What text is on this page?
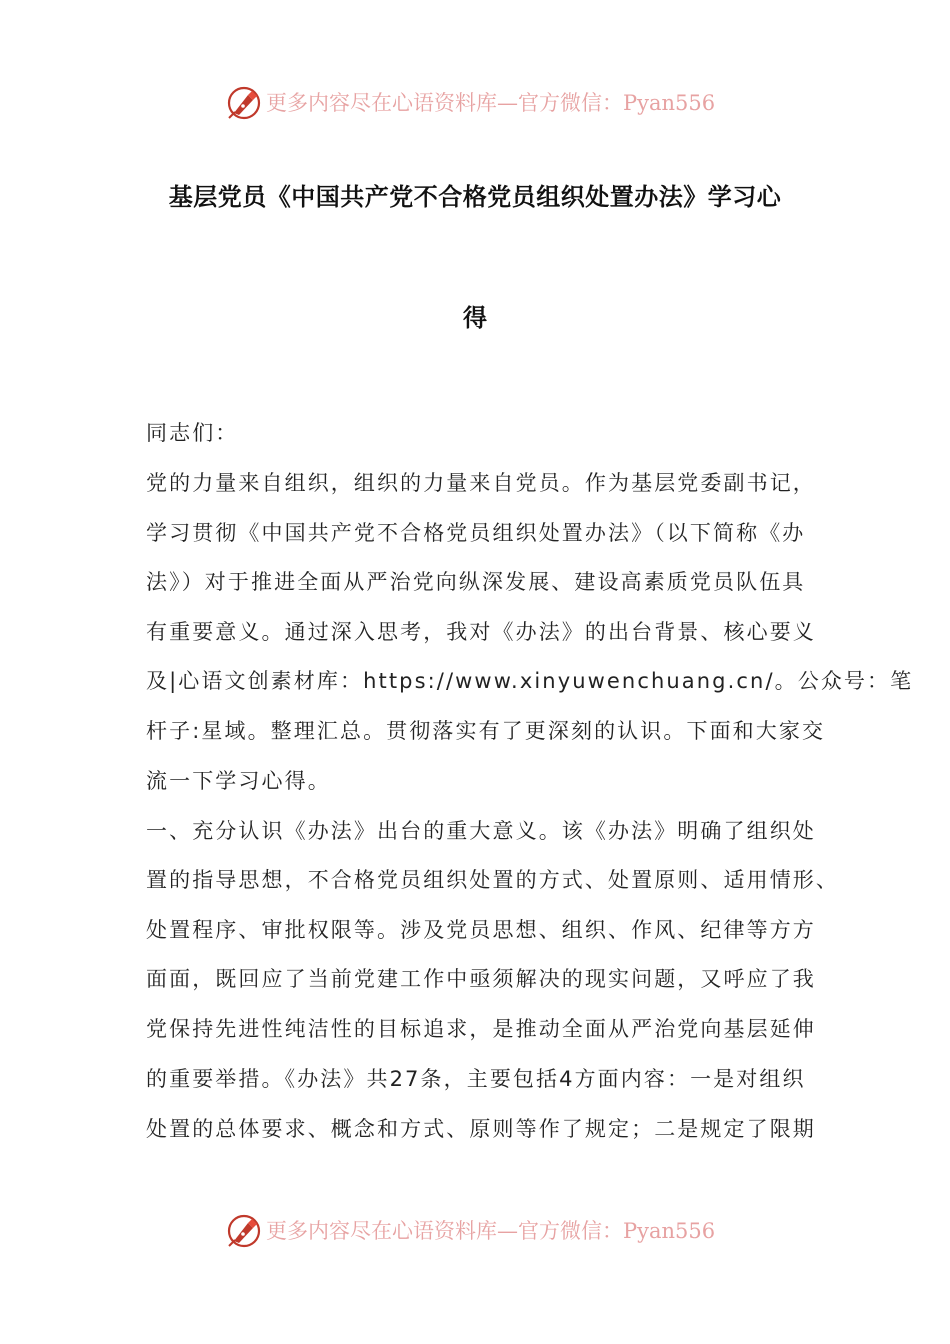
更多内容尽在心语资料库—官方微信：Pyan556
基层党员《中国共产党不合格党员组织处置办法》学习心
得
同志们：
党的力量来自组织，组织的力量来自党员。作为基层党委副书记，
学习贯彻《中国共产党不合格党员组织处置办法》（以下简称《办
法》）对于推进全面从严治党向纵深发展、建设高素质党员队伍具
有重要意义。通过深入思考，我对《办法》的出台背景、核心要义
及|心语文创素材库：https://www.xinyuwenchuang.cn/。公众号：笔
杆子:星域。整理汇总。贯彻落实有了更深刻的认识。下面和大家交
流一下学习心得。
一、充分认识《办法》出台的重大意义。该《办法》明确了组织处
置的指导思想，不合格党员组织处置的方式、处置原则、适用情形、
处置程序、审批权限等。涉及党员思想、组织、作风、纪律等方方
面面，既回应了当前党建工作中亟须解决的现实问题，又呼应了我
党保持先进性纯洁性的目标追求，是推动全面从严治党向基层延伸
的重要举措。《办法》共27条，主要包括4方面内容：一是对组织
处置的总体要求、概念和方式、原则等作了规定；二是规定了限期
更多内容尽在心语资料库—官方微信：Pyan556
